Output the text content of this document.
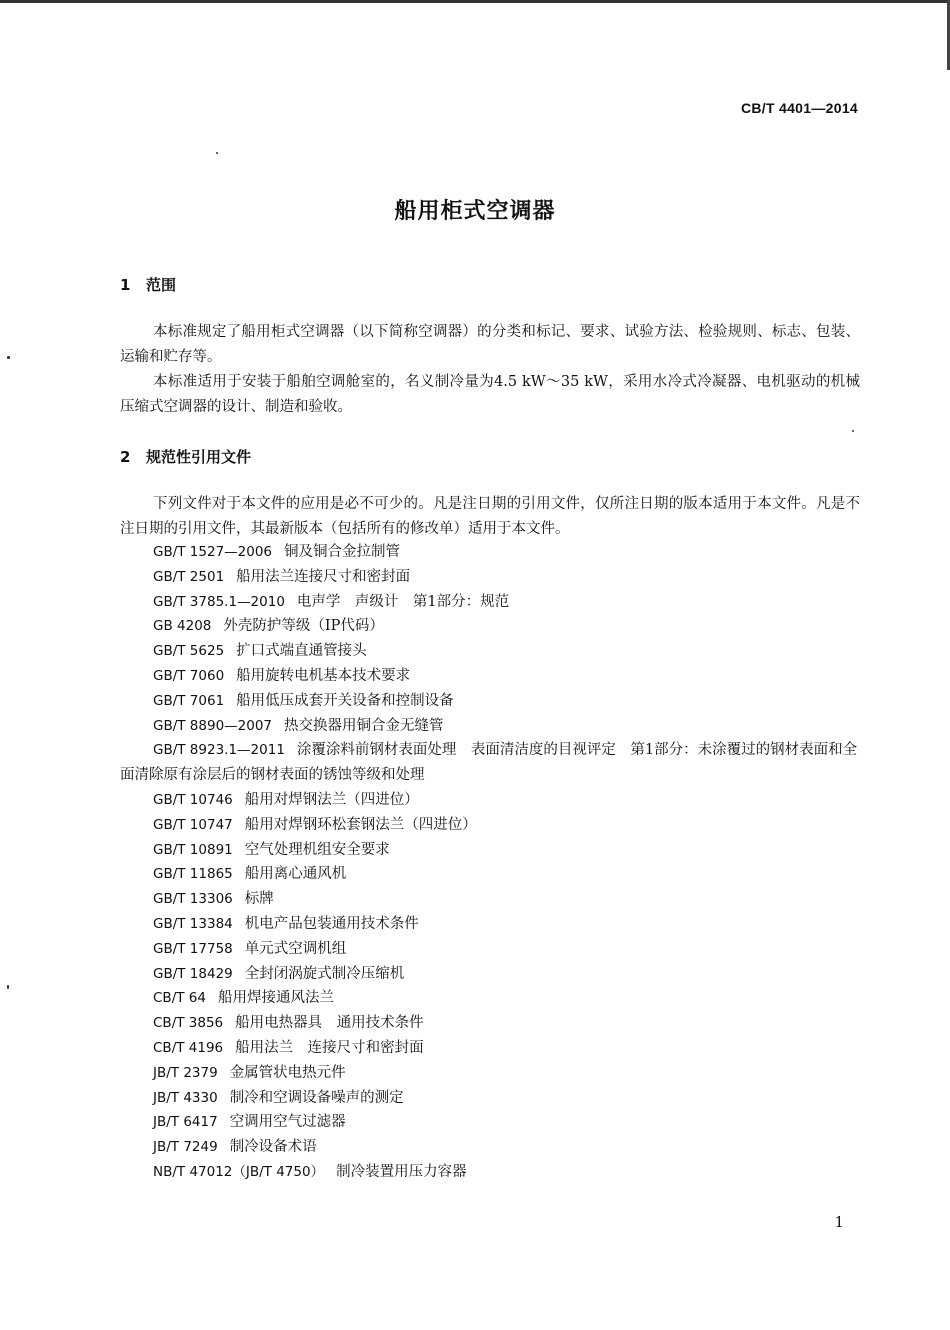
CB/T 4401—2014
船用柜式空调器
1 范围

本标准规定了船用柜式空调器（以下简称空调器）的分类和标记、要求、试验方法、检验规则、标志、包装、运输和贮存等。

本标准适用于安装于船舶空调舱室的，名义制冷量为4.5 kW～35 kW，采用水冷式冷凝器、电机驱动的机械压缩式空调器的设计、制造和验收。

2 规范性引用文件

下列文件对于本文件的应用是必不可少的。凡是注日期的引用文件，仅所注日期的版本适用于本文件。凡是不注日期的引用文件，其最新版本（包括所有的修改单）适用于本文件。

GB/T 1527—2006 铜及铜合金拉制管
GB/T 2501 船用法兰连接尺寸和密封面
GB/T 3785.1—2010 电声学　声级计　第1部分：规范
GB 4208 外壳防护等级（IP代码）
GB/T 5625 扩口式端直通管接头
GB/T 7060 船用旋转电机基本技术要求
GB/T 7061 船用低压成套开关设备和控制设备
GB/T 8890—2007 热交换器用铜合金无缝管
GB/T 8923.1—2011 涂覆涂料前钢材表面处理　表面清洁度的目视评定　第1部分：未涂覆过的钢材表面和全面清除原有涂层后的钢材表面的锈蚀等级和处理
GB/T 10746 船用对焊钢法兰（四进位）
GB/T 10747 船用对焊钢环松套钢法兰（四进位）
GB/T 10891 空气处理机组安全要求
GB/T 11865 船用离心通风机
GB/T 13306 标牌
GB/T 13384 机电产品包装通用技术条件
GB/T 17758 单元式空调机组
GB/T 18429 全封闭涡旋式制冷压缩机
CB/T 64 船用焊接通风法兰
CB/T 3856 船用电热器具　通用技术条件
CB/T 4196 船用法兰　连接尺寸和密封面
JB/T 2379 金属管状电热元件
JB/T 4330 制冷和空调设备噪声的测定
JB/T 6417 空调用空气过滤器
JB/T 7249 制冷设备术语
NB/T 47012（JB/T 4750） 制冷装置用压力容器
1
